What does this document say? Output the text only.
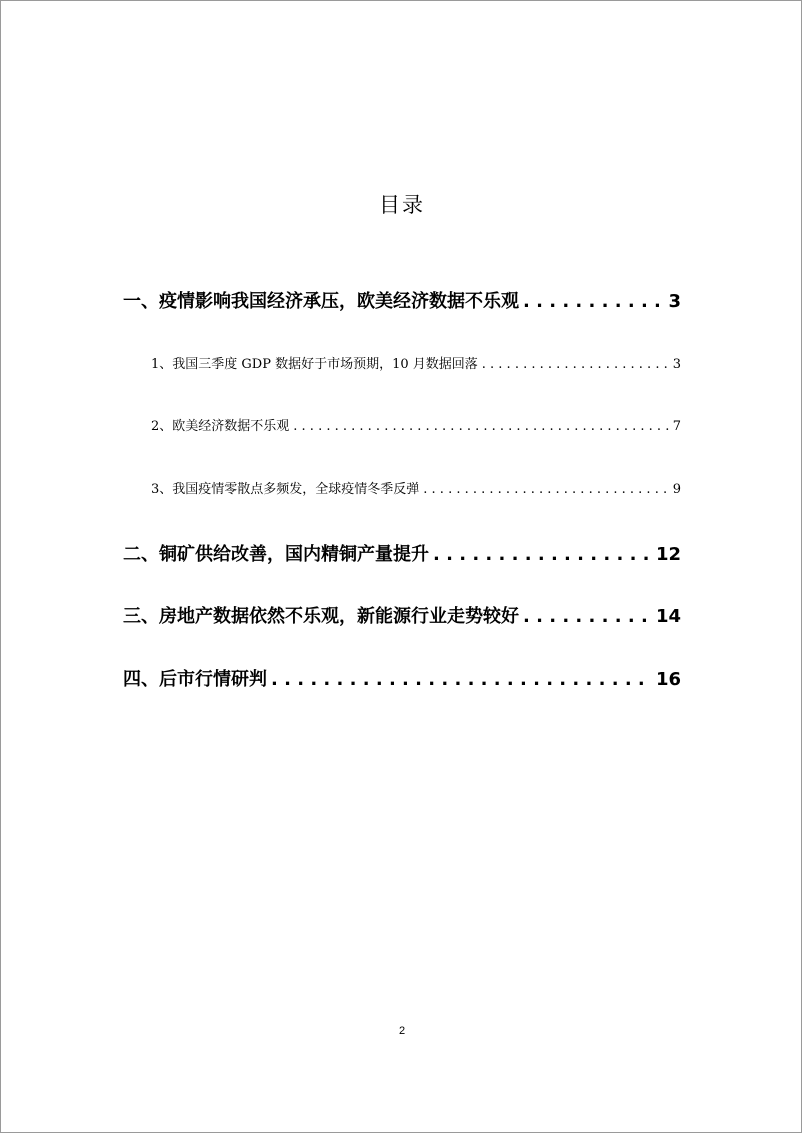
目录
一、疫情影响我国经济承压，欧美经济数据不乐观 . . .	3
1、我国三季度 GDP 数据好于市场预期，10 月数据回落 . . .	3
2、欧美经济数据不乐观 . . .	7
3、我国疫情零散点多频发，全球疫情冬季反弹 . . .	9
二、铜矿供给改善，国内精铜产量提升 . . .	12
三、房地产数据依然不乐观，新能源行业走势较好 . . .	14
四、后市行情研判 . . .	16
2
